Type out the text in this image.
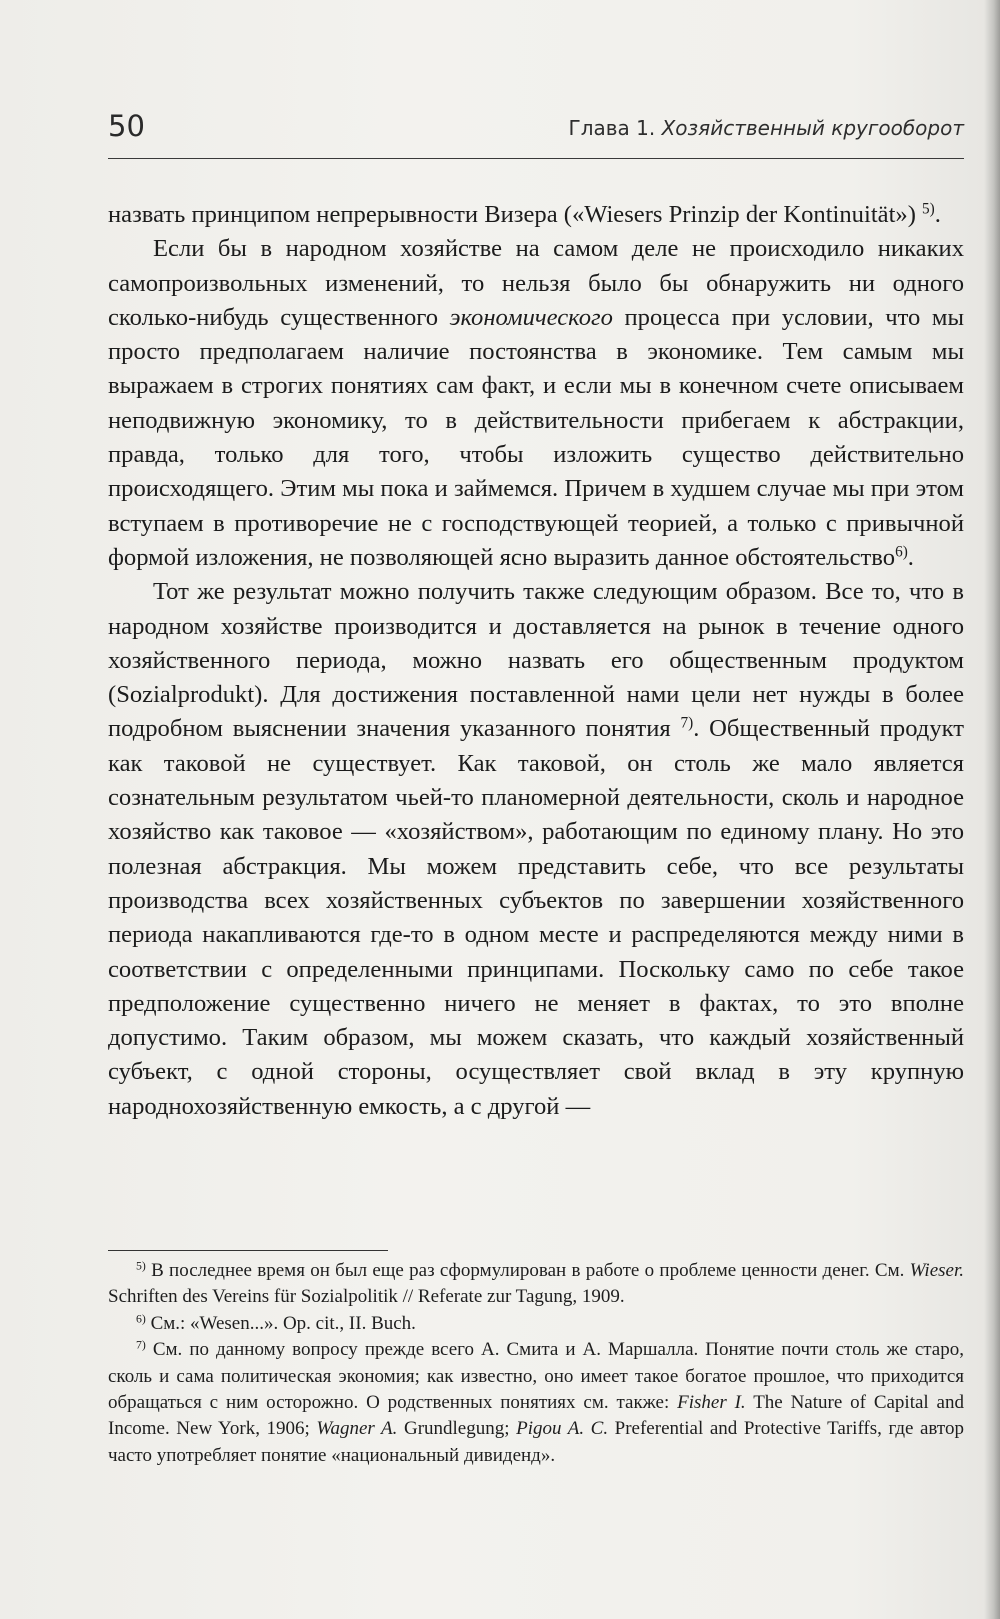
50	Глава 1. Хозяйственный кругооборот

назвать принципом непрерывности Визера («Wiesers Prinzip der Kontinuität») $^{5)}$.

Если бы в народном хозяйстве на самом деле не происходило никаких самопроизвольных изменений, то нельзя было бы обнаружить ни одного сколько-нибудь существенного экономического процесса при условии, что мы просто предполагаем наличие постоянства в экономике. Тем самым мы выражаем в строгих понятиях сам факт, и если мы в конечном счете описываем неподвижную экономику, то в действительности прибегаем к абстракции, правда, только для того, чтобы изложить существо действительно происходящего. Этим мы пока и займемся. Причем в худшем случае мы при этом вступаем в противоречие не с господствующей теорией, а только с привычной формой изложения, не позволяющей ясно выразить данное обстоятельство$^{6)}$.

Тот же результат можно получить также следующим образом. Все то, что в народном хозяйстве производится и доставляется на рынок в течение одного хозяйственного периода, можно назвать его общественным продуктом (Sozialprodukt). Для достижения поставленной нами цели нет нужды в более подробном выяснении значения указанного понятия $^{7)}$. Общественный продукт как таковой не существует. Как таковой, он столь же мало является сознательным результатом чьей-то планомерной деятельности, сколь и народное хозяйство как таковое — «хозяйством», работающим по единому плану. Но это полезная абстракция. Мы можем представить себе, что все результаты производства всех хозяйственных субъектов по завершении хозяйственного периода накапливаются где-то в одном месте и распределяются между ними в соответствии с определенными принципами. Поскольку само по себе такое предположение существенно ничего не меняет в фактах, то это вполне допустимо. Таким образом, мы можем сказать, что каждый хозяйственный субъект, с одной стороны, осуществляет свой вклад в эту крупную народнохозяйственную емкость, а с другой —

$^{5)}$ В последнее время он был еще раз сформулирован в работе о проблеме ценности денег. См. Wieser. Schriften des Vereins für Sozialpolitik // Referate zur Tagung, 1909.

$^{6)}$ См.: «Wesen...». Op. cit., II. Buch.

$^{7)}$ См. по данному вопросу прежде всего А. Смита и А. Маршалла. Понятие почти столь же старо, сколь и сама политическая экономия; как известно, оно имеет такое богатое прошлое, что приходится обращаться с ним осторожно. О родственных понятиях см. также: Fisher I. The Nature of Capital and Income. New York, 1906; Wagner A. Grundlegung; Pigou A. C. Preferential and Protective Tariffs, где автор часто употребляет понятие «национальный дивиденд».
